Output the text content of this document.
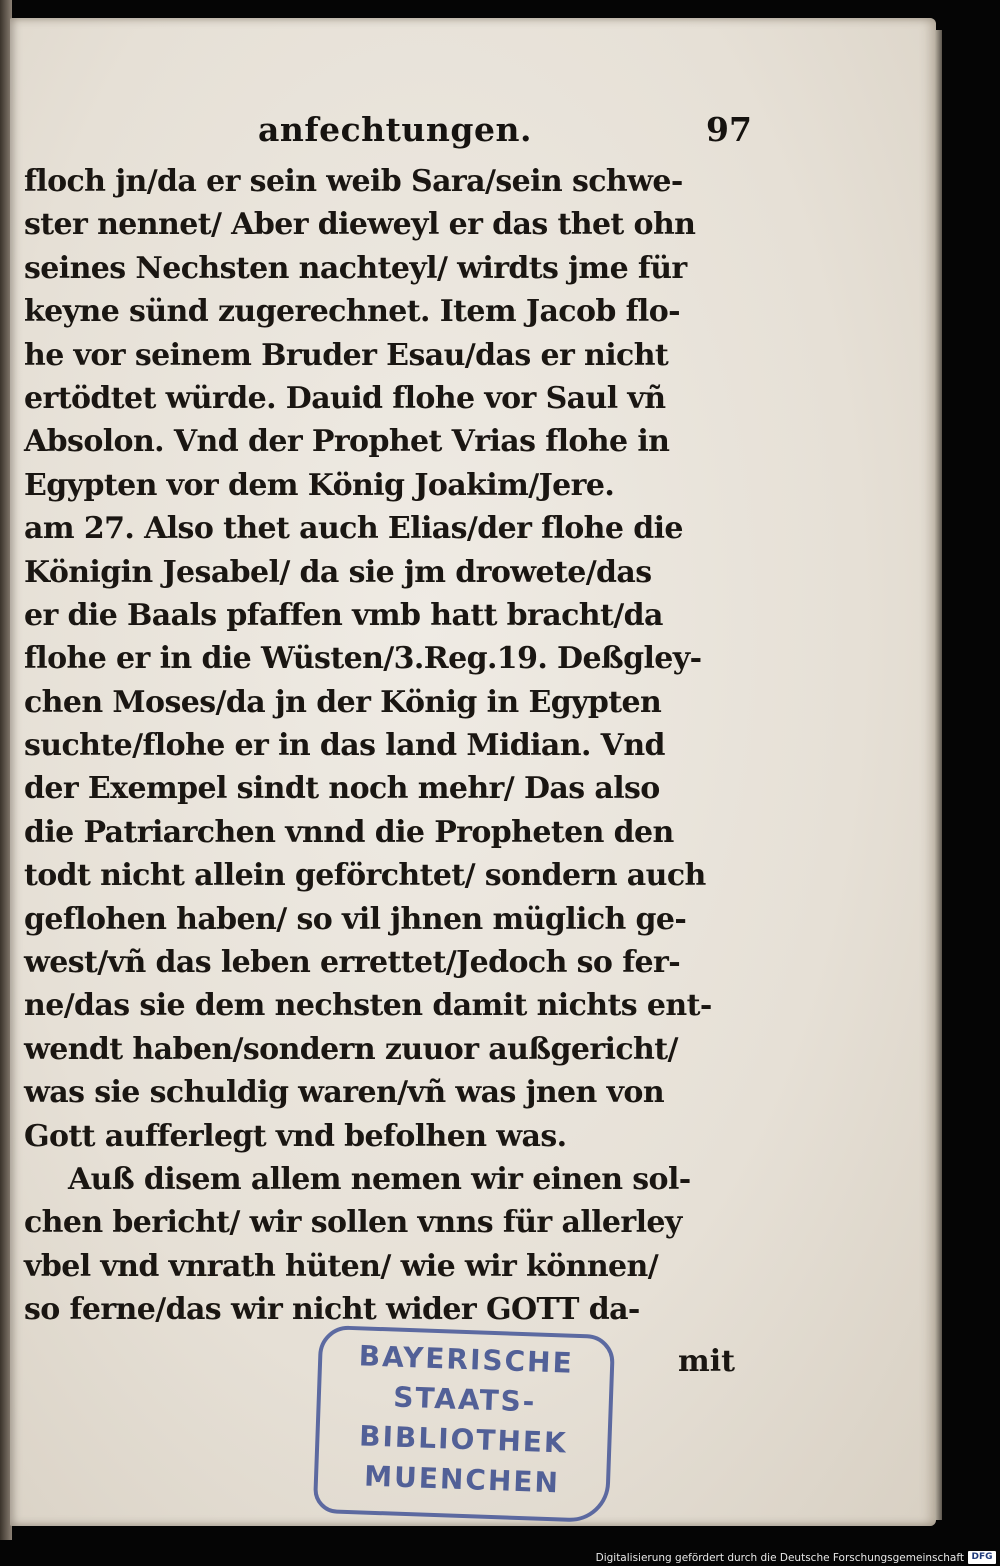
anfechtungen.	97
floch jn/da er sein weib Sara/sein schwe-
ster nennet/ Aber dieweyl er das thet ohn
seines Nechsten nachteyl/ wirdts jme für
keyne sünd zugerechnet. Item Jacob flo-
he vor seinem Bruder Esau/das er nicht
ertödtet würde. Dauid flohe vor Saul vñ
Absolon. Vnd der Prophet Vrias flohe in
Egypten vor dem König Joakim/Jere.
am 27. Also thet auch Elias/der flohe die
Königin Jesabel/ da sie jm drowete/das
er die Baals pfaffen vmb hatt bracht/da
flohe er in die Wüsten/3.Reg.19. Deßgley-
chen Moses/da jn der König in Egypten
suchte/flohe er in das land Midian. Vnd
der Exempel sindt noch mehr/ Das also
die Patriarchen vnnd die Propheten den
todt nicht allein geförchtet/ sondern auch
geflohen haben/ so vil jhnen müglich ge-
west/vñ das leben errettet/Jedoch so fer-
ne/das sie dem nechsten damit nichts ent-
wendt haben/sondern zuuor außgericht/
was sie schuldig waren/vñ was jnen von
Gott aufferlegt vnd befolhen was.
Auß disem allem nemen wir einen sol-
chen bericht/ wir sollen vnns für allerley
vbel vnd vnrath hüten/ wie wir können/
so ferne/das wir nicht wider GOTT da-
mit
BAYERISCHE
STAATS-
BIBLIOTHEK
MUENCHEN
Digitalisierung gefördert durch die Deutsche Forschungsgemeinschaft DFG
